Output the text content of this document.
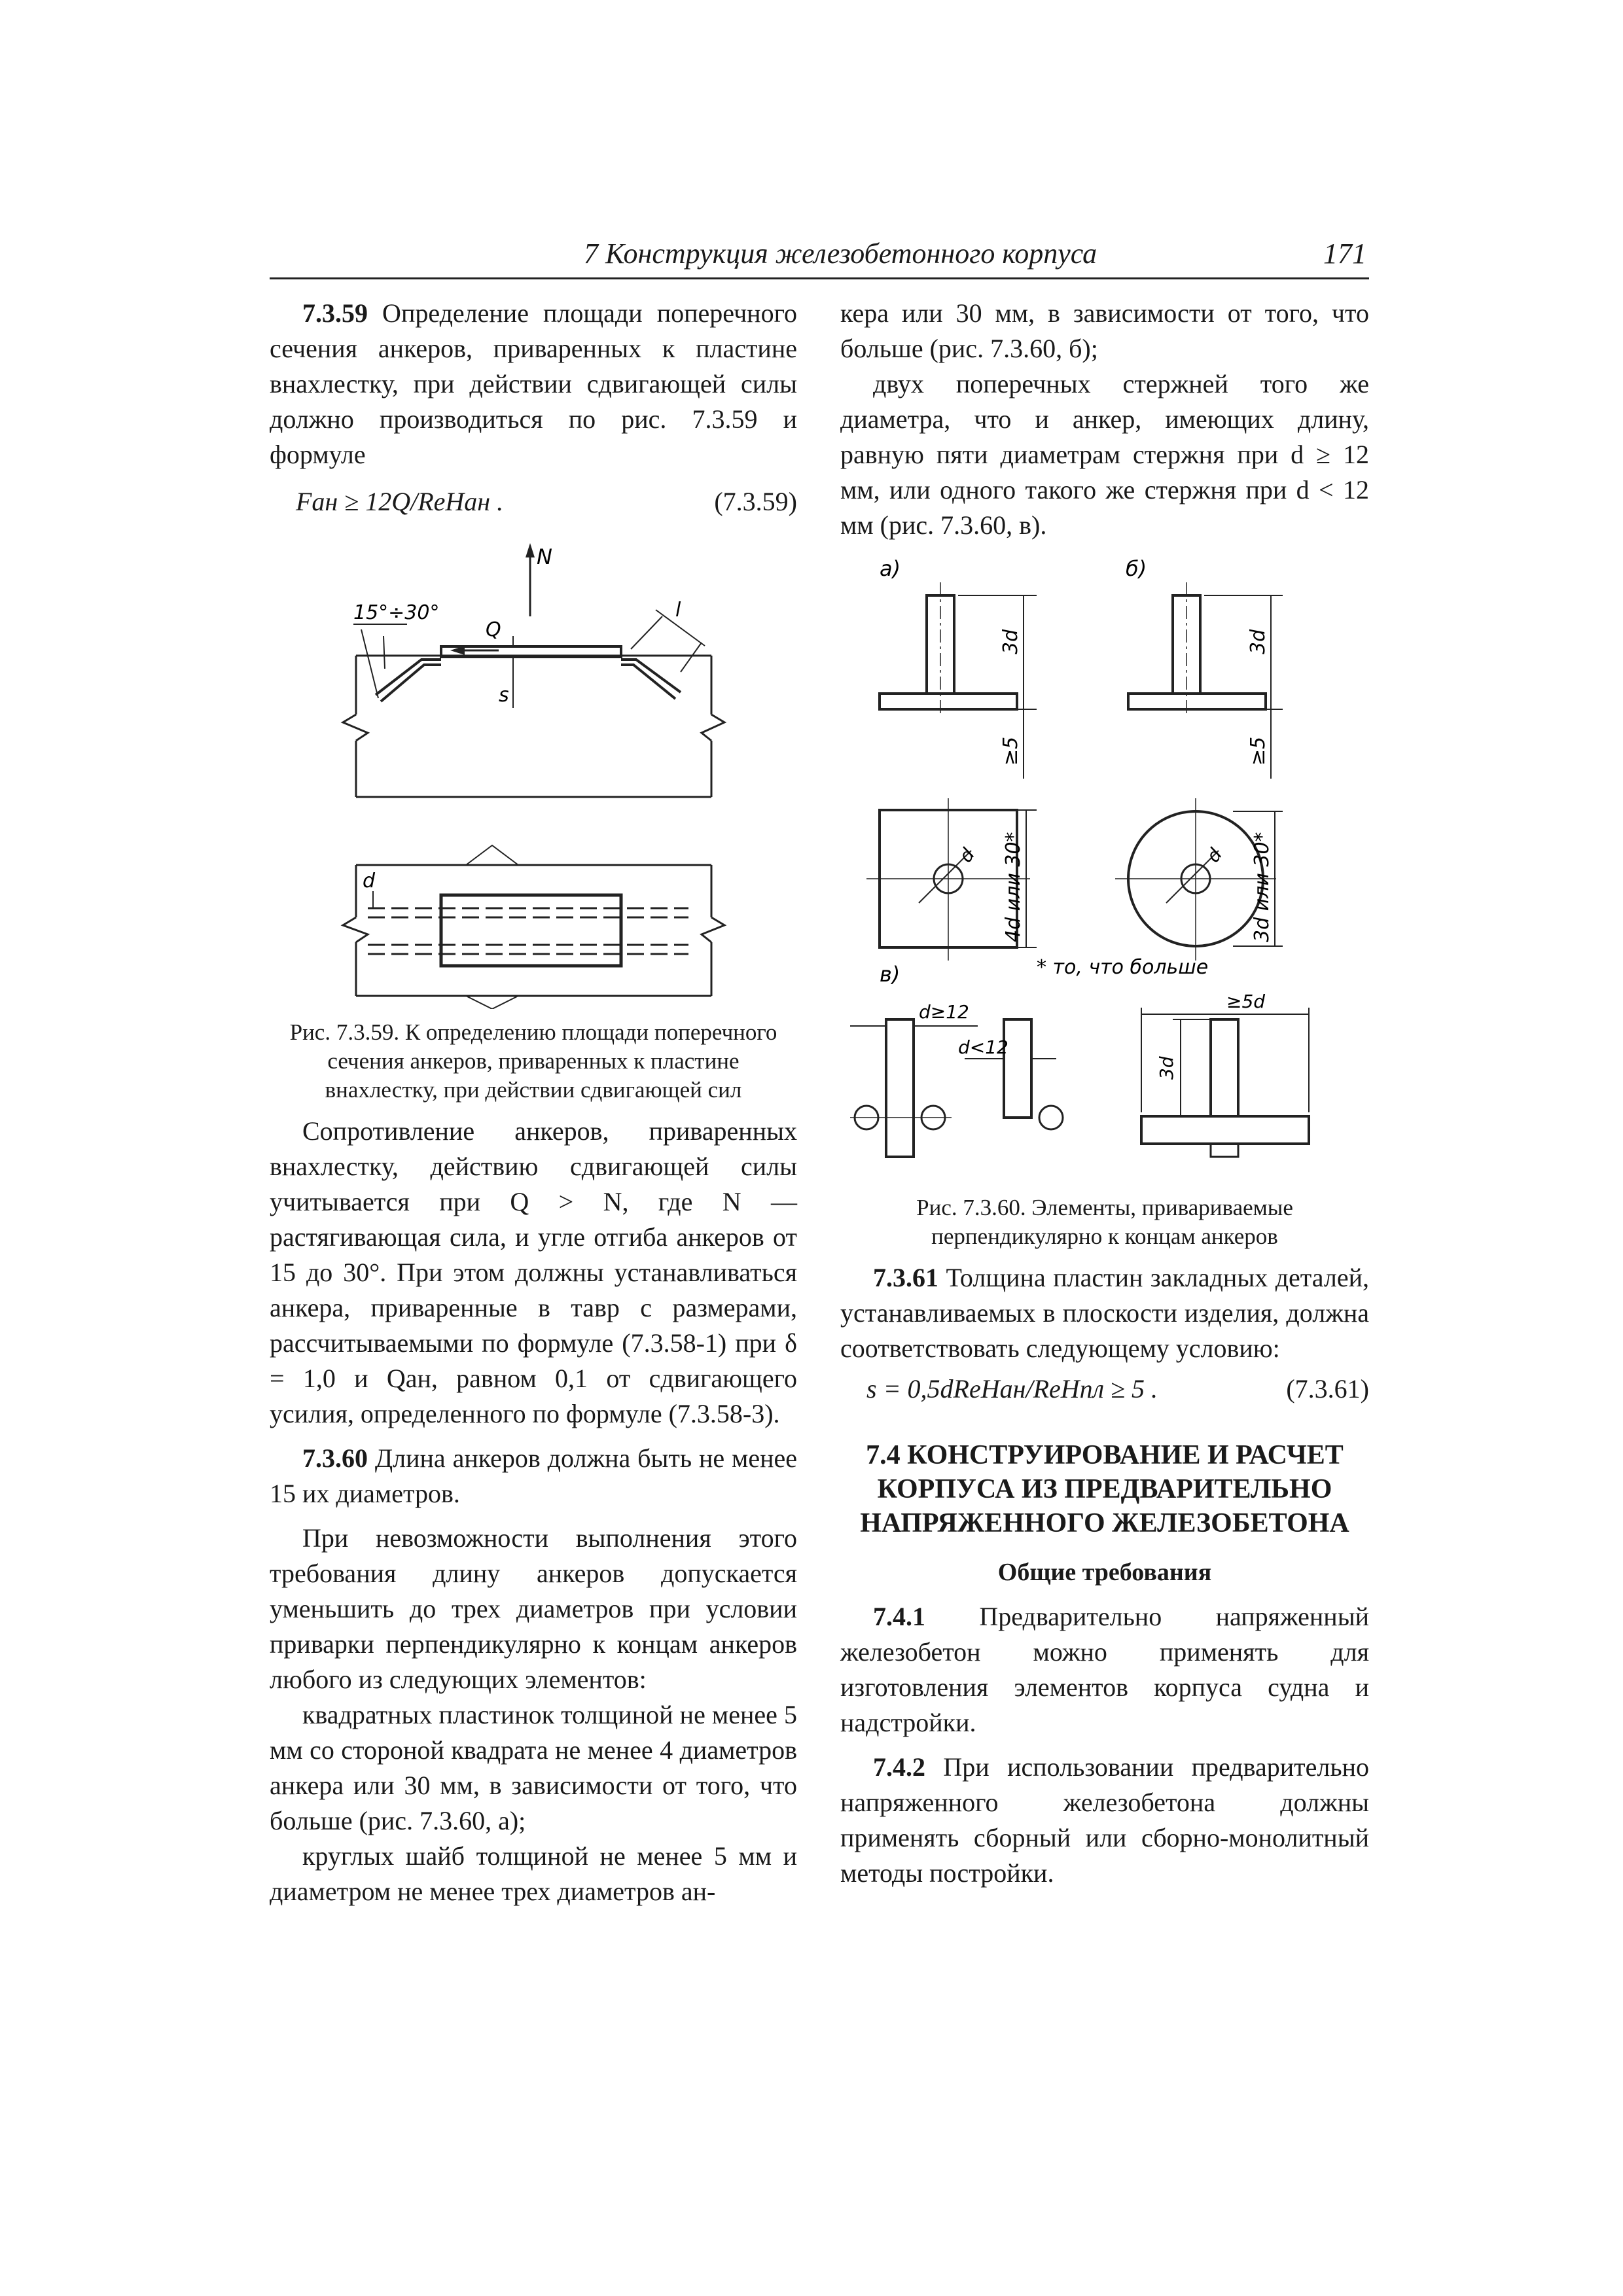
7 Конструкция железобетонного корпуса	171

7.3.59 Определение площади поперечного сечения анкеров, приваренных к пластине внахлестку, при действии сдвигающей силы должно производиться по рис. 7.3.59 и формуле

Fан ≥ 12Q/RеНан .	(7.3.59)
N
15°÷30°
Q
l
s
d

Рис. 7.3.59. К определению площади поперечного сечения анкеров, приваренных к пластине внахлестку, при действии сдвигающей сил

Сопротивление анкеров, приваренных внахлестку, действию сдвигающей силы учитывается при Q > N, где N — растягивающая сила, и угле отгиба анкеров от 15 до 30°. При этом должны устанавливаться анкера, приваренные в тавр с размерами, рассчитываемыми по формуле (7.3.58-1) при δ = 1,0 и Qан, равном 0,1 от сдвигающего усилия, определенного по формуле (7.3.58-3).

7.3.60 Длина анкеров должна быть не менее 15 их диаметров.

При невозможности выполнения этого требования длину анкеров допускается уменьшить до трех диаметров при условии приварки перпендикулярно к концам анкеров любого из следующих элементов:

квадратных пластинок толщиной не менее 5 мм со стороной квадрата не менее 4 диаметров анкера или 30 мм, в зависимости от того, что больше (рис. 7.3.60, а);

круглых шайб толщиной не менее 5 мм и диаметром не менее трех диаметров ан-

кера или 30 мм, в зависимости от того, что больше (рис. 7.3.60, б);

двух поперечных стержней того же диаметра, что и анкер, имеющих длину, равную пяти диаметрам стержня при d ≥ 12 мм, или одного такого же стержня при d < 12 мм (рис. 7.3.60, в).

а)	б)
в)
3d
≥5
3d
≥5
4d или 30*	3d или 30*
d	d
* то, что больше
d≥12
d<12
≥5d
3d

Рис. 7.3.60. Элементы, привариваемые перпендикулярно к концам анкеров

7.3.61 Толщина пластин закладных деталей, устанавливаемых в плоскости изделия, должна соответствовать следующему условию:

s = 0,5dRеНан/RеНпл ≥ 5 .	(7.3.61)

7.4 КОНСТРУИРОВАНИЕ И РАСЧЕТ КОРПУСА ИЗ ПРЕДВАРИТЕЛЬНО НАПРЯЖЕННОГО ЖЕЛЕЗОБЕТОНА

Общие требования

7.4.1 Предварительно напряженный железобетон можно применять для изготовления элементов корпуса судна и надстройки.

7.4.2 При использовании предварительно напряженного железобетона должны применять сборный или сборно-монолитный методы постройки.
